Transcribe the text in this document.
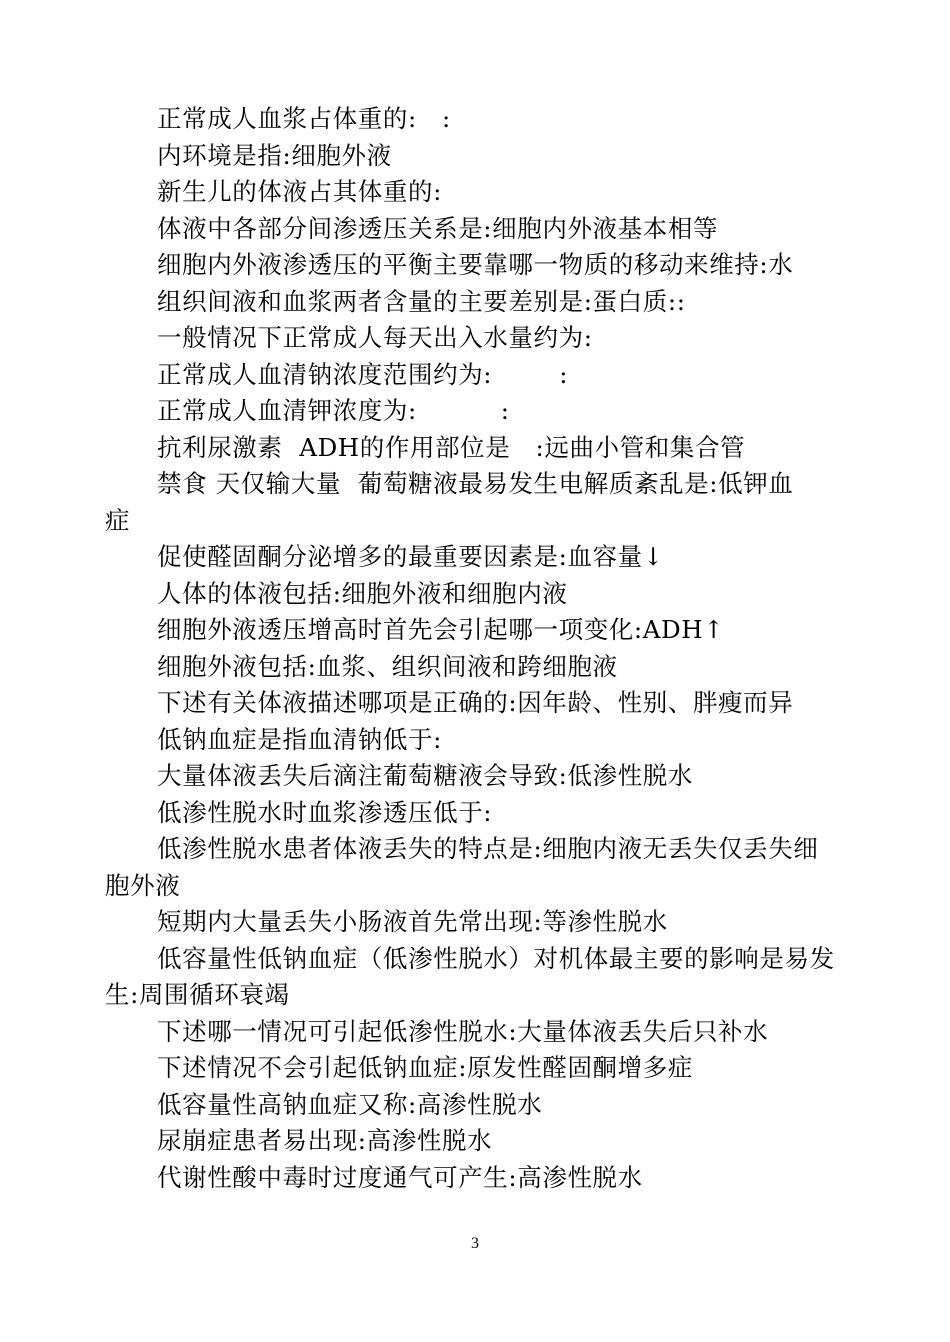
正常成人血浆占体重的:   :

内环境是指:细胞外液

新生儿的体液占其体重的:

体液中各部分间渗透压关系是:细胞内外液基本相等

细胞内外液渗透压的平衡主要靠哪一物质的移动来维持:水

组织间液和血浆两者含量的主要差别是:蛋白质::

一般情况下正常成人每天出入水量约为:

正常成人血清钠浓度范围约为:        :

正常成人血清钾浓度为:          :

抗利尿激素  ADH的作用部位是   :远曲小管和集合管

禁食 天仅输大量  葡萄糖液最易发生电解质紊乱是:低钾血

症

促使醛固酮分泌增多的最重要因素是:血容量↓

人体的体液包括:细胞外液和细胞内液

细胞外液透压增高时首先会引起哪一项变化:ADH↑

细胞外液包括:血浆、组织间液和跨细胞液

下述有关体液描述哪项是正确的:因年龄、性别、胖瘦而异

低钠血症是指血清钠低于:

大量体液丢失后滴注葡萄糖液会导致:低渗性脱水

低渗性脱水时血浆渗透压低于:

低渗性脱水患者体液丢失的特点是:细胞内液无丢失仅丢失细

胞外液

短期内大量丢失小肠液首先常出现:等渗性脱水

低容量性低钠血症（低渗性脱水）对机体最主要的影响是易发

生:周围循环衰竭

下述哪一情况可引起低渗性脱水:大量体液丢失后只补水

下述情况不会引起低钠血症:原发性醛固酮增多症

低容量性高钠血症又称:高渗性脱水

尿崩症患者易出现:高渗性脱水

代谢性酸中毒时过度通气可产生:高渗性脱水

3
